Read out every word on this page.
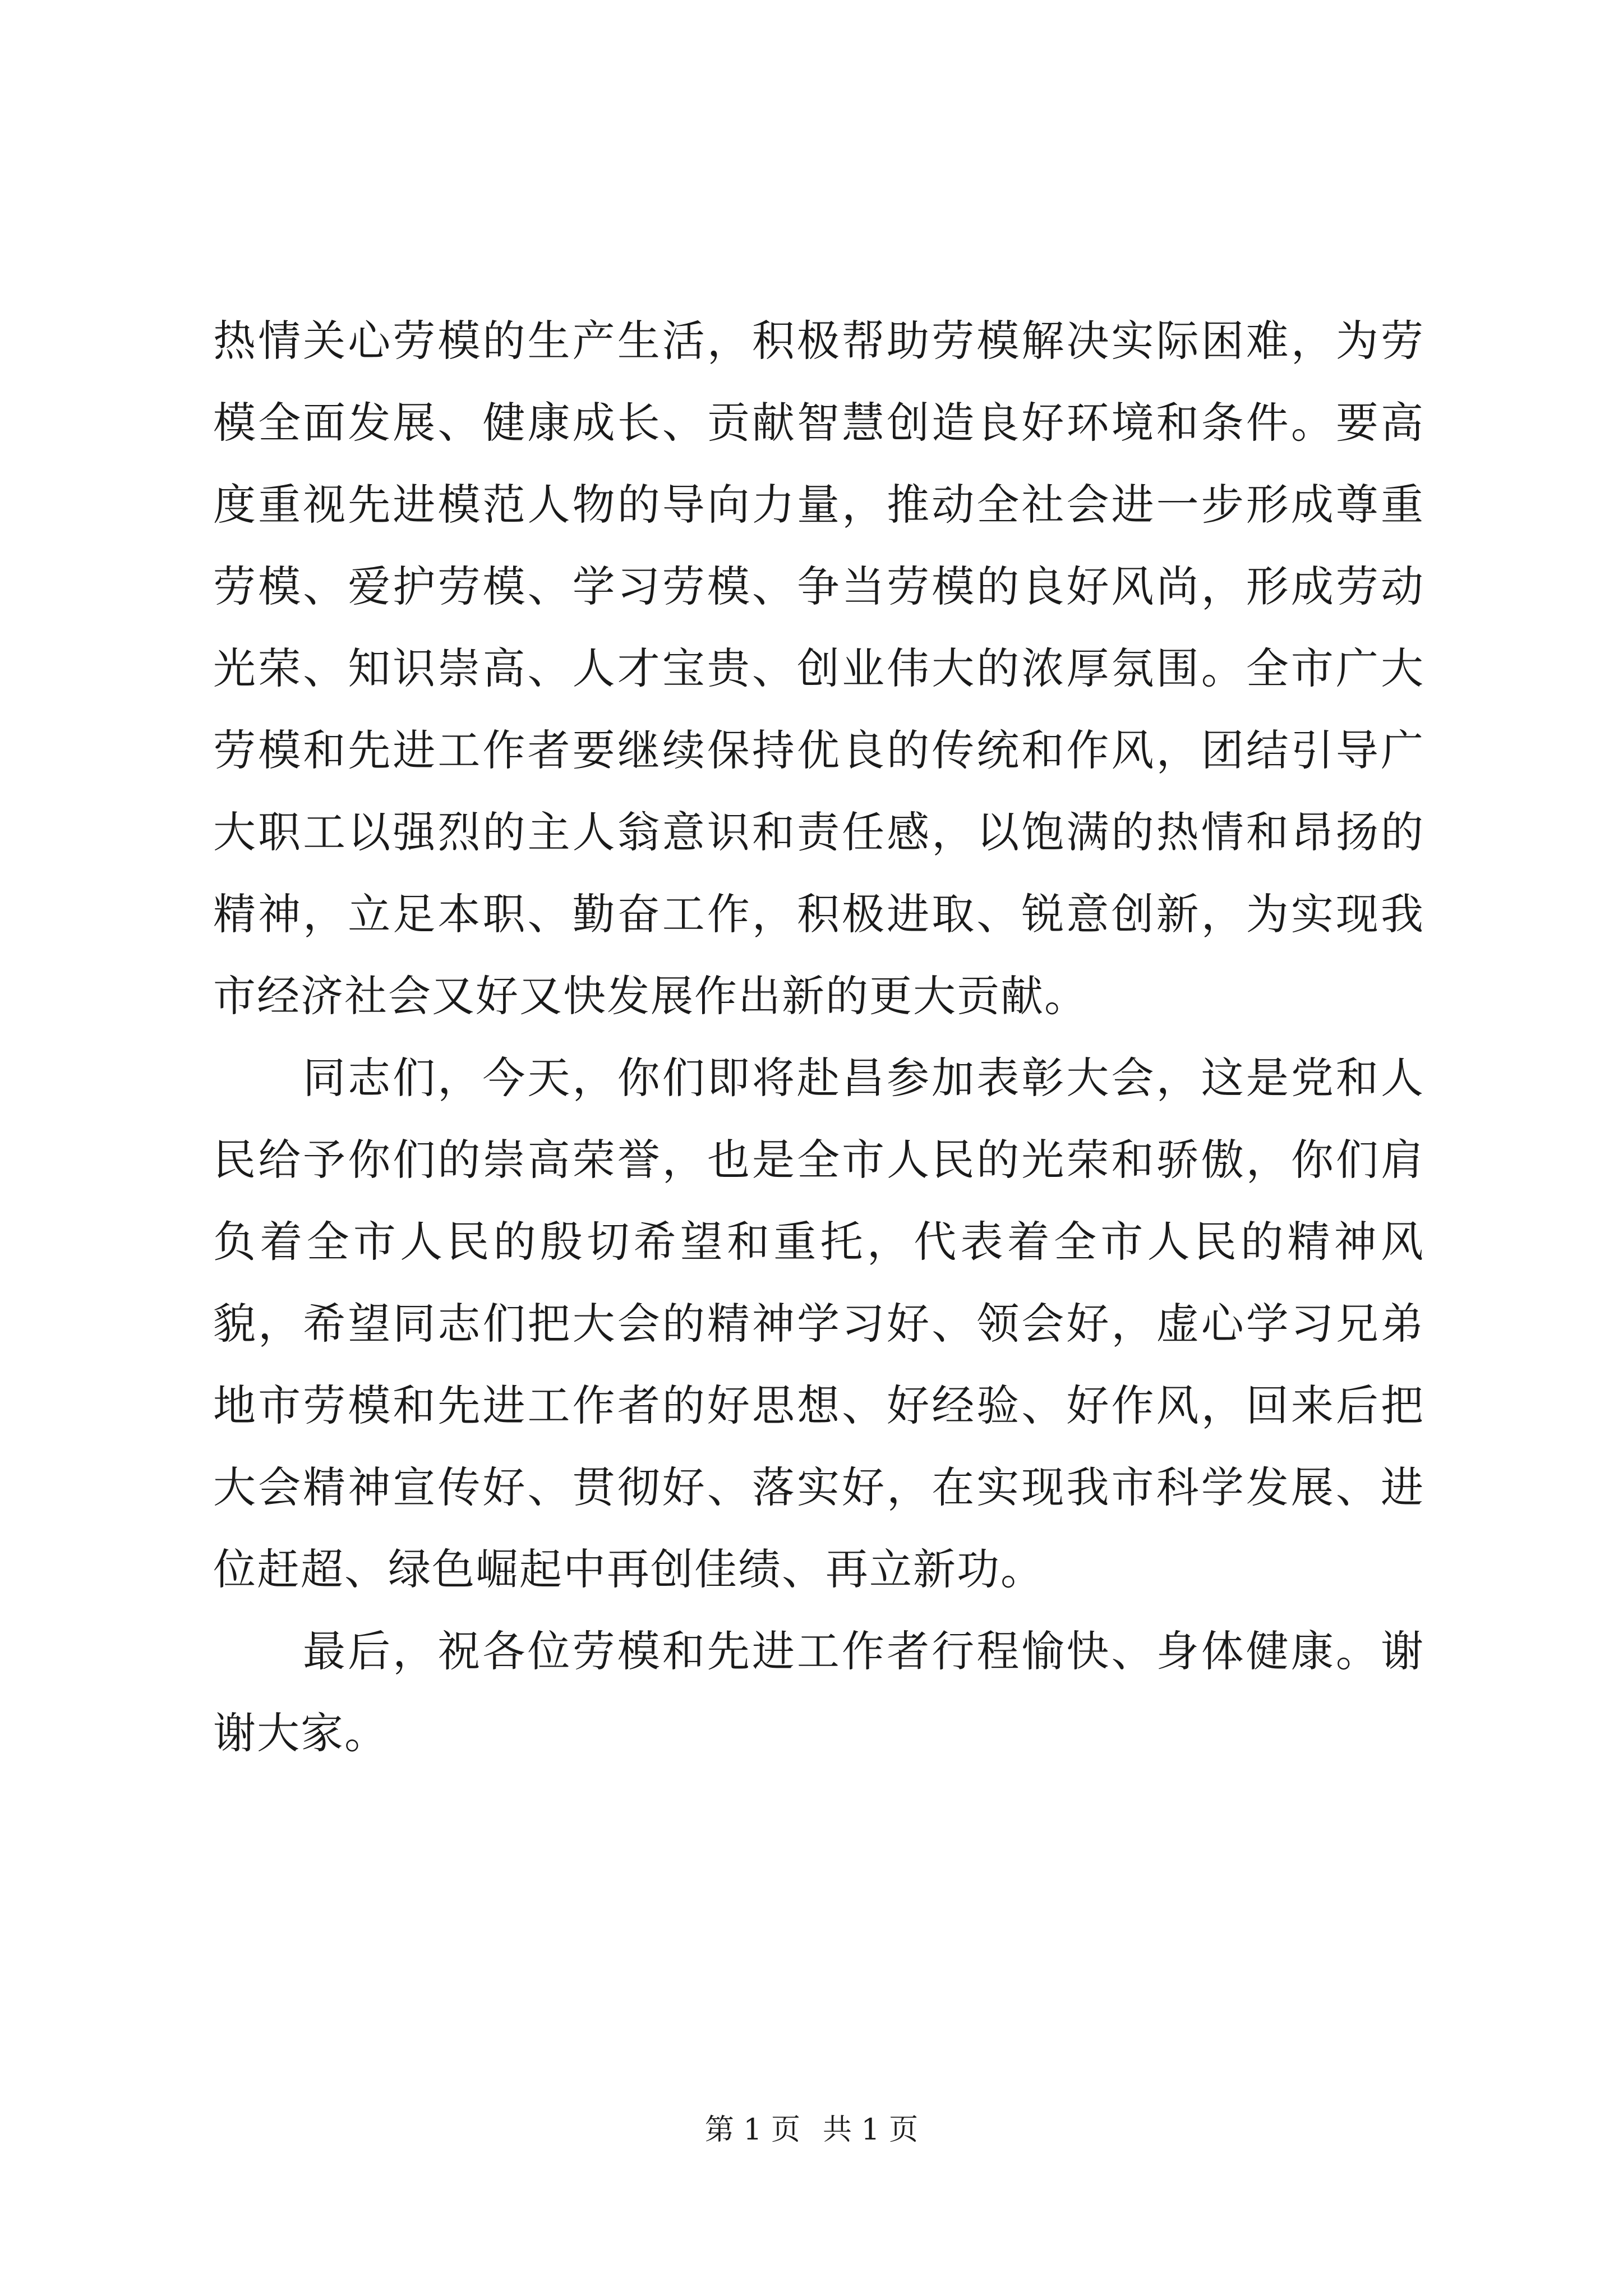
热情关心劳模的生产生活，积极帮助劳模解决实际困难，为劳模全面发展、健康成长、贡献智慧创造良好环境和条件。要高度重视先进模范人物的导向力量，推动全社会进一步形成尊重劳模、爱护劳模、学习劳模、争当劳模的良好风尚，形成劳动光荣、知识崇高、人才宝贵、创业伟大的浓厚氛围。全市广大劳模和先进工作者要继续保持优良的传统和作风，团结引导广大职工以强烈的主人翁意识和责任感，以饱满的热情和昂扬的精神，立足本职、勤奋工作，积极进取、锐意创新，为实现我市经济社会又好又快发展作出新的更大贡献。

同志们，今天，你们即将赴昌参加表彰大会，这是党和人民给予你们的崇高荣誉，也是全市人民的光荣和骄傲，你们肩负着全市人民的殷切希望和重托，代表着全市人民的精神风貌，希望同志们把大会的精神学习好、领会好，虚心学习兄弟地市劳模和先进工作者的好思想、好经验、好作风，回来后把大会精神宣传好、贯彻好、落实好，在实现我市科学发展、进位赶超、绿色崛起中再创佳绩、再立新功。

最后，祝各位劳模和先进工作者行程愉快、身体健康。谢谢大家。

第 1 页 共 1 页
